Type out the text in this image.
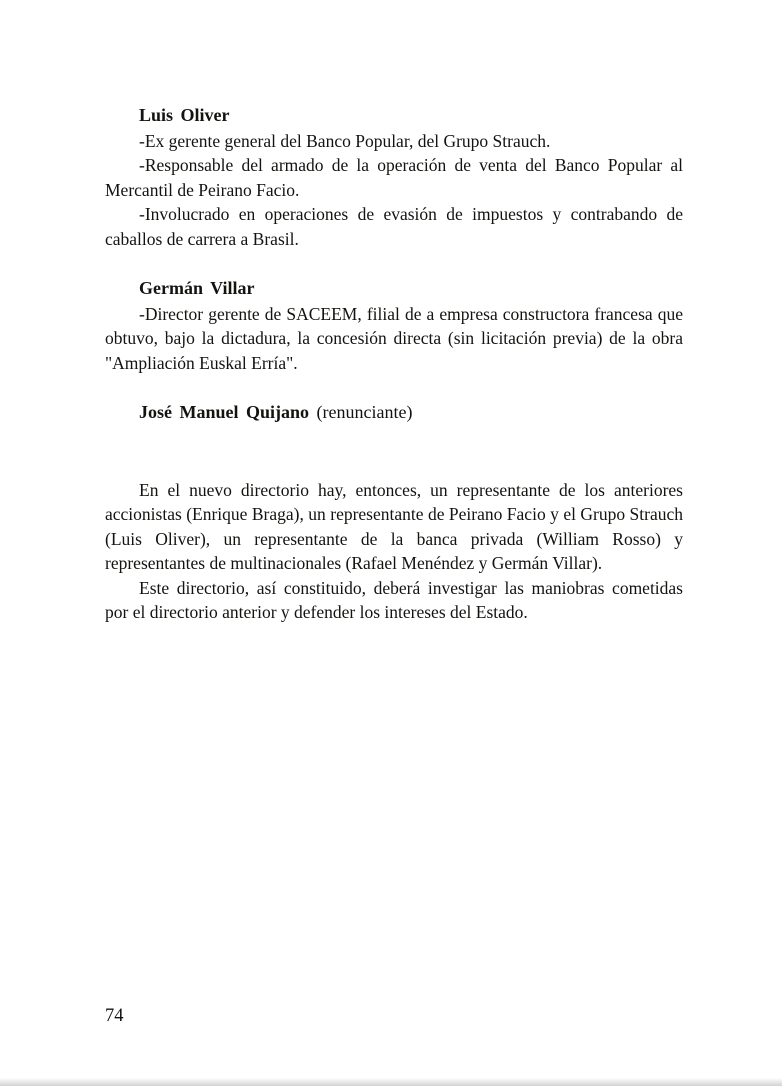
Luis Oliver

-Ex gerente general del Banco Popular, del Grupo Strauch.

-Responsable del armado de la operación de venta del Banco Popular al Mercantil de Peirano Facio.

-Involucrado en operaciones de evasión de impuestos y contrabando de caballos de carrera a Brasil.

Germán Villar

-Director gerente de SACEEM, filial de a empresa constructora francesa que obtuvo, bajo la dictadura, la concesión directa (sin licitación previa) de la obra "Ampliación Euskal Erría".

José Manuel Quijano (renunciante)

En el nuevo directorio hay, entonces, un representante de los anteriores accionistas (Enrique Braga), un representante de Peirano Facio y el Grupo Strauch (Luis Oliver), un representante de la banca privada (William Rosso) y representantes de multinacionales (Rafael Menéndez y Germán Villar).

Este directorio, así constituido, deberá investigar las maniobras cometidas por el directorio anterior y defender los intereses del Estado.

74
